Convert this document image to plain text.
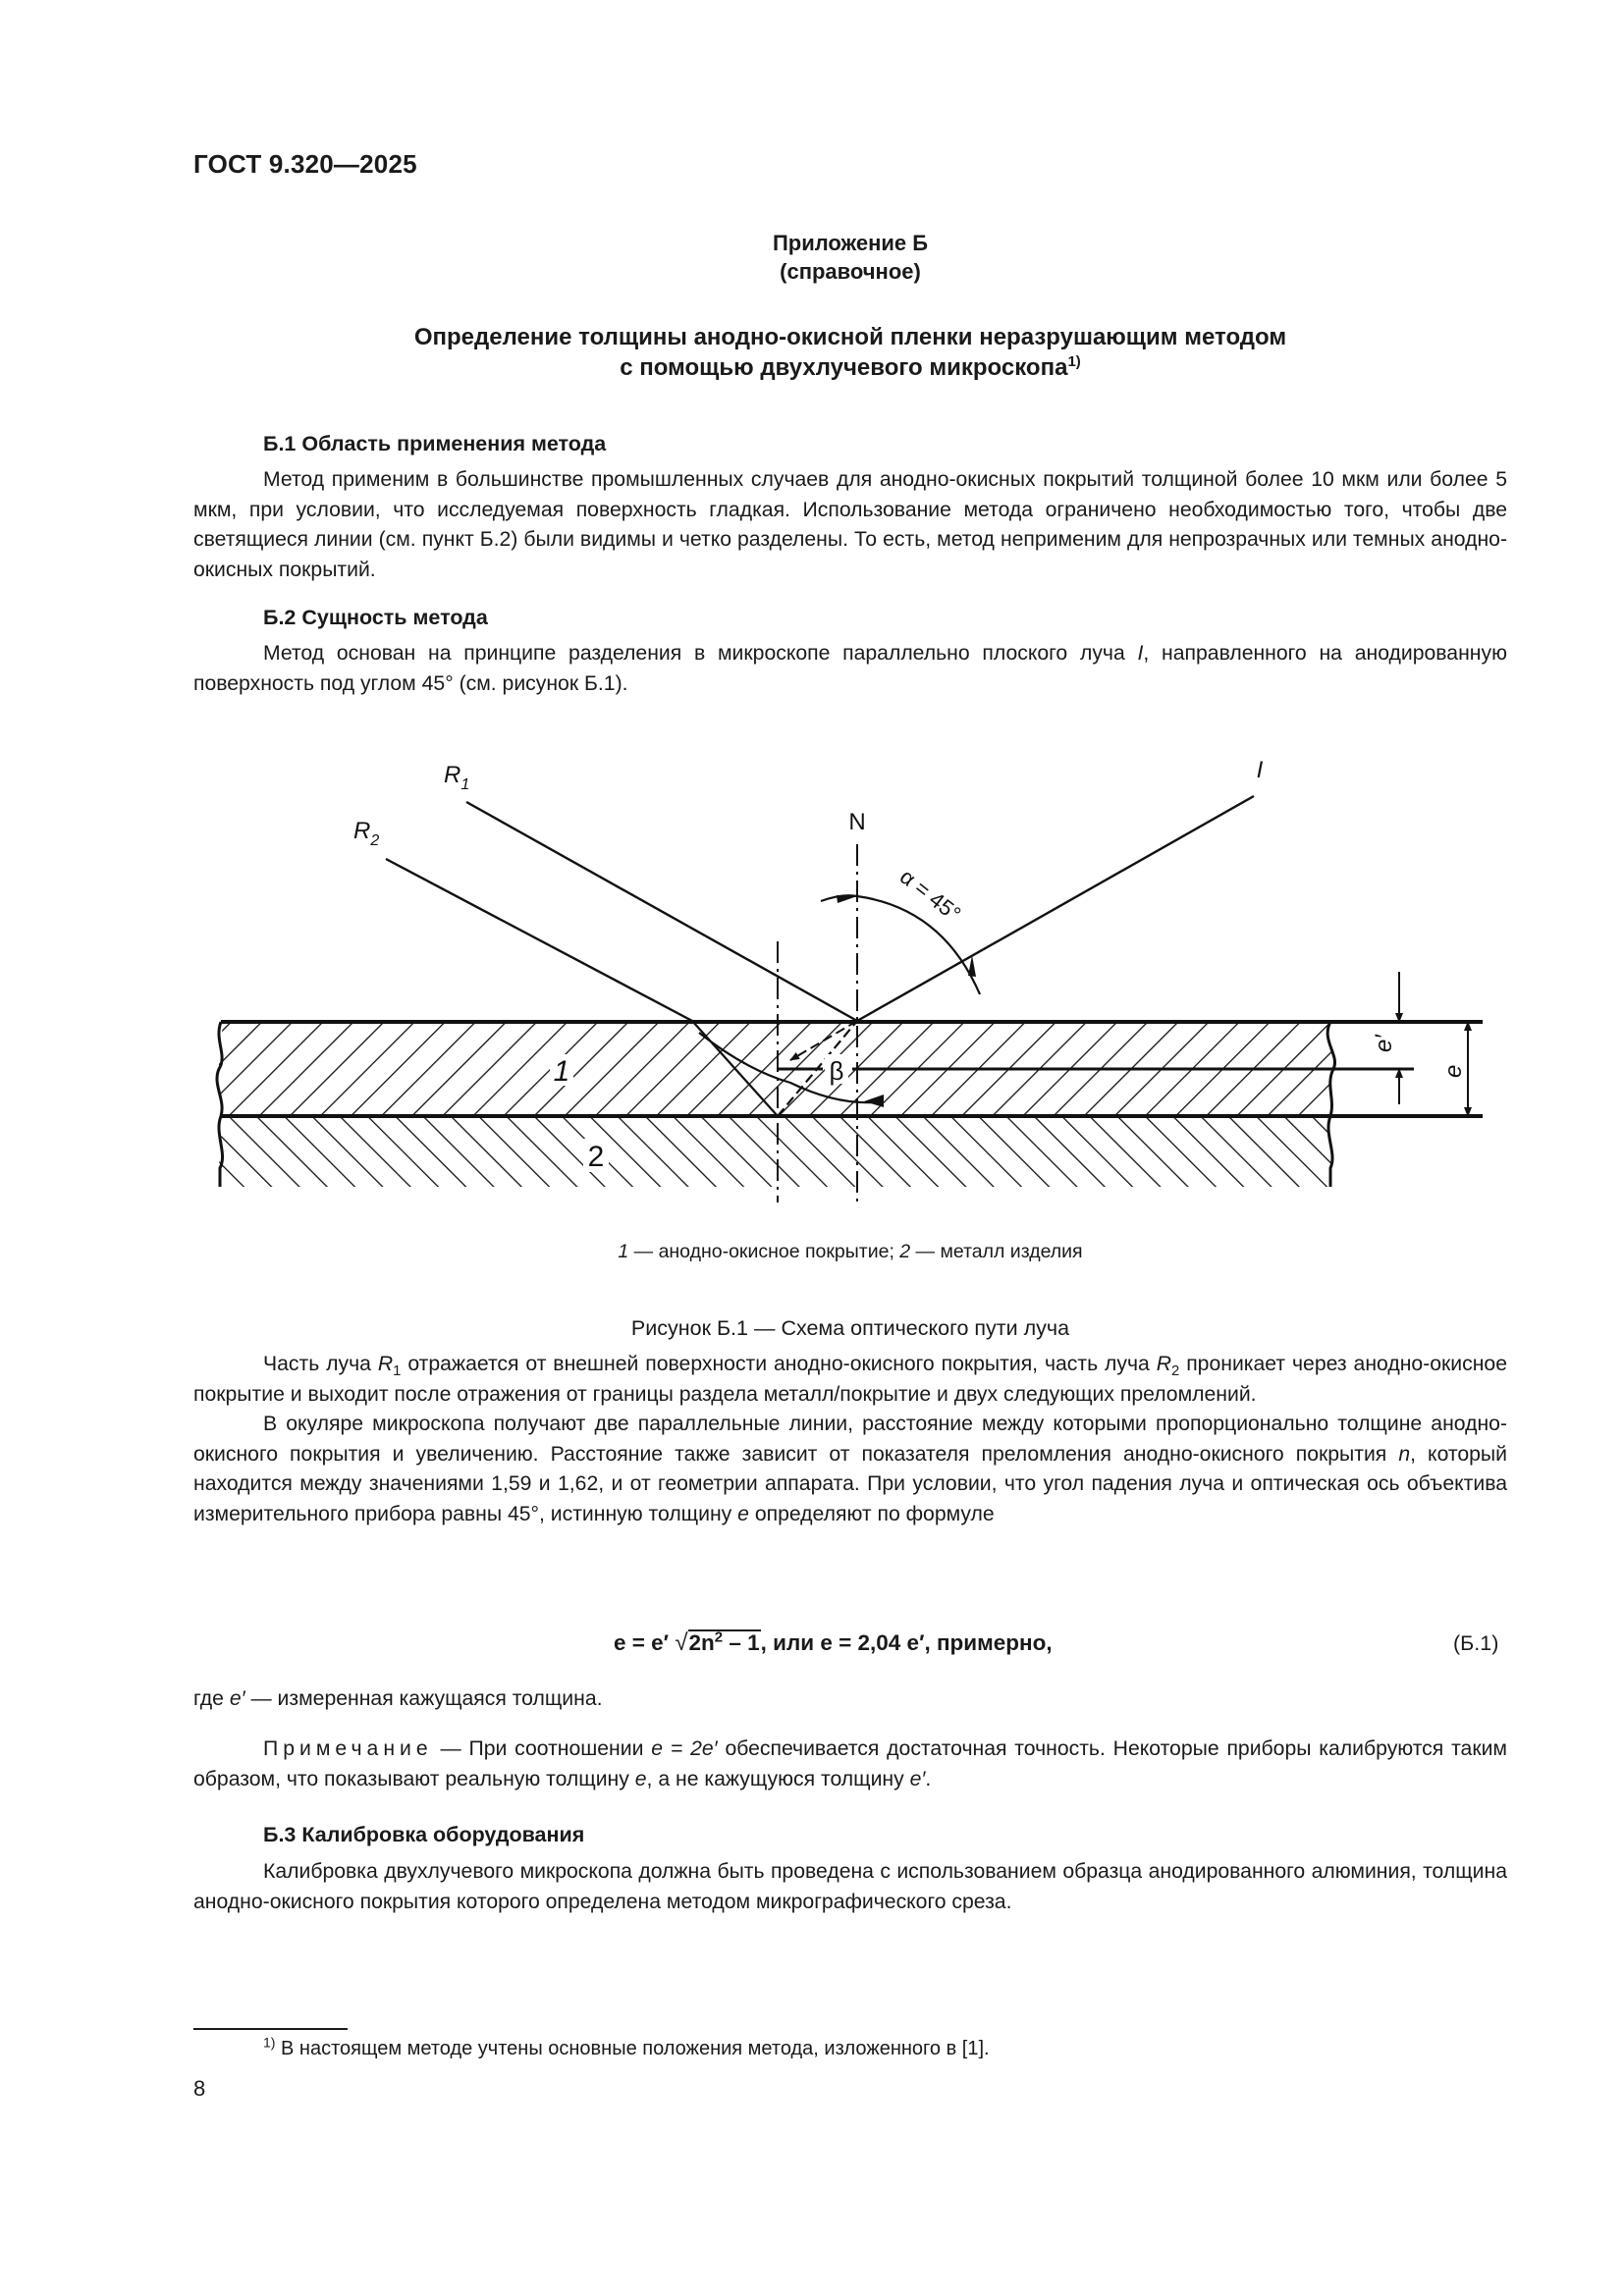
ГОСТ 9.320—2025
Приложение Б
(справочное)
Определение толщины анодно-окисной пленки неразрушающим методом
с помощью двухлучевого микроскопа$^{1)}$
Б.1 Область применения метода

Метод применим в большинстве промышленных случаев для анодно-окисных покрытий толщиной более 10 мкм или более 5 мкм, при условии, что исследуемая поверхность гладкая. Использование метода ограничено необходимостью того, чтобы две светящиеся линии (см. пункт Б.2) были видимы и четко разделены. То есть, метод неприменим для непрозрачных или темных анодно-окисных покрытий.

Б.2 Сущность метода

Метод основан на принципе разделения в микроскопе параллельно плоского луча I, направленного на анодированную поверхность под углом 45° (см. рисунок Б.1).

$R_1$
$R_2$
N
I
α = 45°
β
1
2
e′
e
1 — анодно-окисное покрытие; 2 — металл изделия
Рисунок Б.1 — Схема оптического пути луча

Часть луча $R_1$ отражается от внешней поверхности анодно-окисного покрытия, часть луча $R_2$ проникает через анодно-окисное покрытие и выходит после отражения от границы раздела металл/покрытие и двух следующих преломлений.

В окуляре микроскопа получают две параллельные линии, расстояние между которыми пропорционально толщине анодно-окисного покрытия и увеличению. Расстояние также зависит от показателя преломления анодно-окисного покрытия n, который находится между значениями 1,59 и 1,62, и от геометрии аппарата. При условии, что угол падения луча и оптическая ось объектива измерительного прибора равны 45°, истинную толщину e определяют по формуле

e = e′ $√2n^2 - 1$, или e = 2,04 e′, примерно,	(Б.1)

где e′ — измеренная кажущаяся толщина.

Примечание — При соотношении e = 2e′ обеспечивается достаточная точность. Некоторые приборы калибруются таким образом, что показывают реальную толщину e, а не кажущуюся толщину e′.

Б.3 Калибровка оборудования

Калибровка двухлучевого микроскопа должна быть проведена с использованием образца анодированного алюминия, толщина анодно-окисного покрытия которого определена методом микрографического среза.

$^{1)}$ В настоящем методе учтены основные положения метода, изложенного в [1].
8
